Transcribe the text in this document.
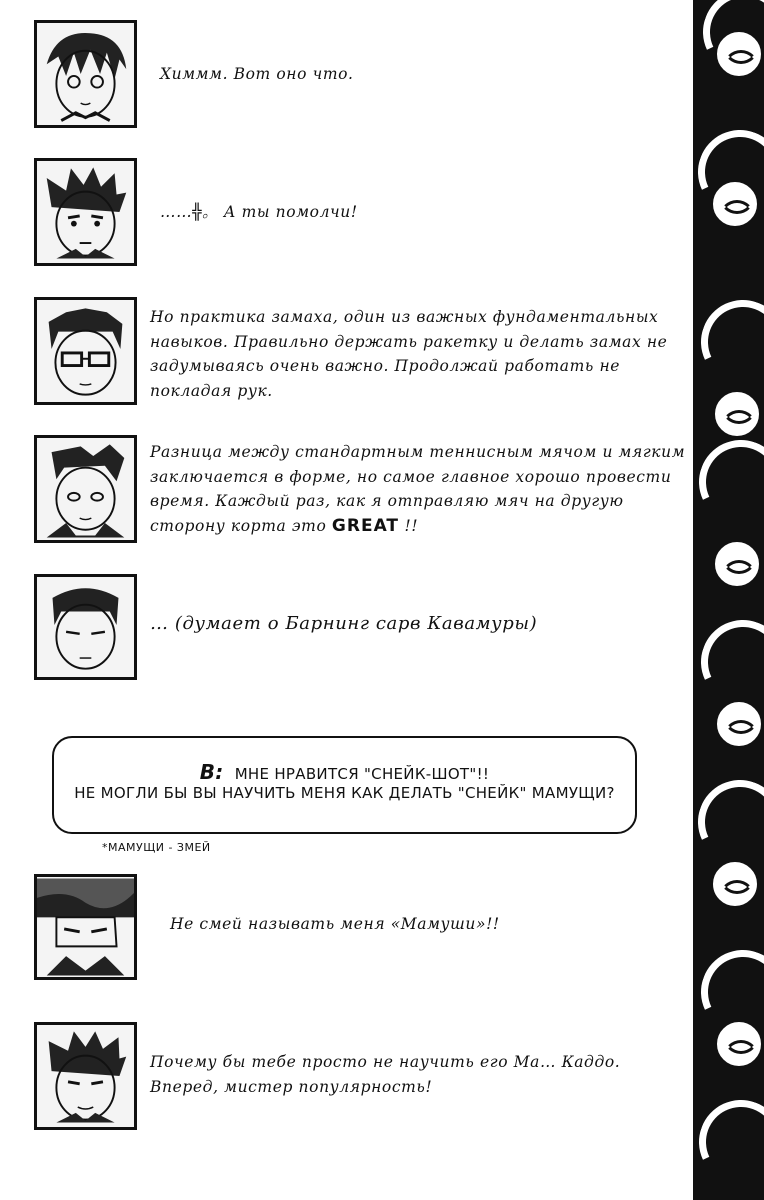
Химмм. Вот оно что.

……╬。 А ты помолчи!

Но практика замаха, один из важных фундаментальных навыков. Правильно держать ракетку и делать замах не задумываясь очень важно. Продолжай работать не покладая рук.

Разница между стандартным теннисным мячом и мягким заключается в форме, но самое главное хорошо провести время. Каждый раз, как я отправляю мяч на другую сторону корта это GREAT !!

… (думает о Барнинг сарв Кавамуры)

В: МНЕ НРАВИТСЯ "СНЕЙК-ШОТ"!!
НЕ МОГЛИ БЫ ВЫ НАУЧИТЬ МЕНЯ КАК ДЕЛАТЬ "СНЕЙК" МАМУЩИ?
*МАМУЩИ - ЗМЕЙ

Не смей называть меня «Мамуши»!!

Почему бы тебе просто не научить его Ма… Каддо. Вперед, мистер популярность!
